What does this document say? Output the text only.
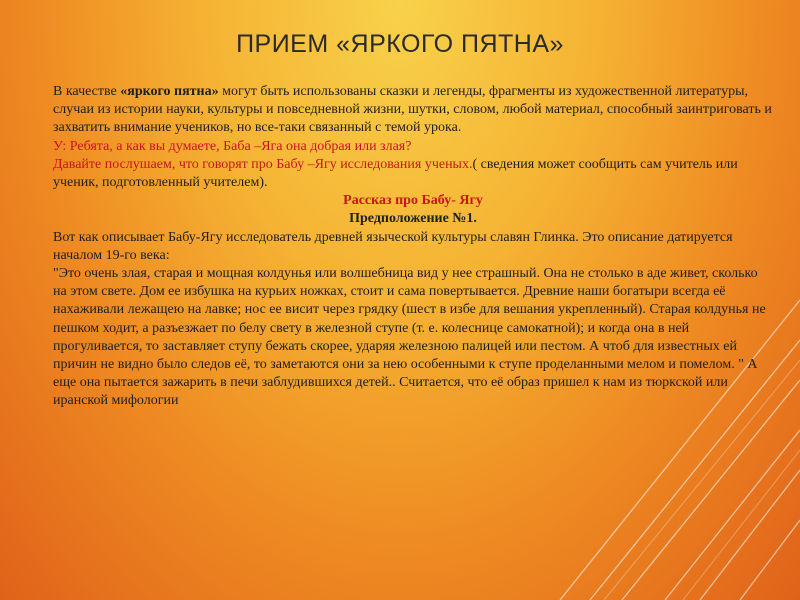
ПРИЕМ «ЯРКОГО ПЯТНА»

В качестве «яркого пятна» могут быть использованы сказки и легенды, фрагменты из художественной литературы, случаи из истории науки, культуры и повседневной жизни, шутки, словом, любой материал, способный заинтриговать и захватить внимание учеников, но все-таки связанный с темой урока.

У: Ребята, а как вы думаете, Баба –Яга она добрая или злая?

Давайте послушаем, что говорят про Бабу –Ягу исследования ученых.( сведения может сообщить сам учитель или ученик, подготовленный учителем).

Рассказ про Бабу- Ягу

Предположение №1.

Вот как описывает Бабу-Ягу исследователь древней языческой культуры славян Глинка. Это описание датируется началом 19-го века:

"Это очень злая, старая и мощная колдунья или волшебница вид у нее страшный. Она не столько в аде живет, сколько на этом свете. Дом ее избушка на курьих ножках, стоит и сама повертывается. Древние наши богатыри всегда её нахаживали лежащею на лавке; нос ее висит через грядку (шест в избе для вешания укрепленный). Старая колдунья не пешком ходит, а разъезжает по белу свету в железной ступе (т. е. колеснице самокатной); и когда она в ней прогуливается, то заставляет ступу бежать скорее, ударяя железною палицей или пестом. А чтоб для известных ей причин не видно было следов её, то заметаются они за нею особенными к ступе проделанными мелом и помелом. " А еще она пытается зажарить в печи заблудившихся детей.. Считается, что её образ пришел к нам из тюркской или иранской мифологии
